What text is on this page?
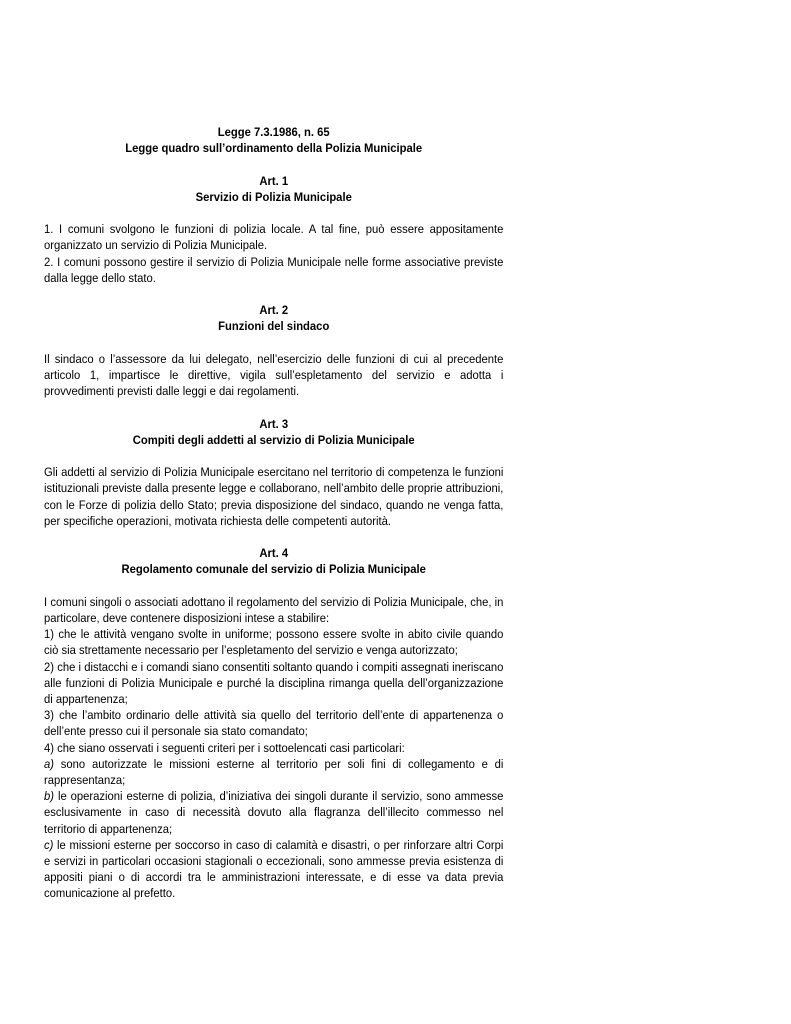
Legge 7.3.1986, n. 65
Legge quadro sull’ordinamento della Polizia Municipale
Art. 1
Servizio di Polizia Municipale
1. I comuni svolgono le funzioni di polizia locale. A tal fine, può essere appositamente organizzato un servizio di Polizia Municipale.
2. I comuni possono gestire il servizio di Polizia Municipale nelle forme associative previste dalla legge dello stato.
Art. 2
Funzioni del sindaco
Il sindaco o l’assessore da lui delegato, nell’esercizio delle funzioni di cui al precedente articolo 1, impartisce le direttive, vigila sull’espletamento del servizio e adotta i provvedimenti previsti dalle leggi e dai regolamenti.
Art. 3
Compiti degli addetti al servizio di Polizia Municipale
Gli addetti al servizio di Polizia Municipale esercitano nel territorio di competenza le funzioni istituzionali previste dalla presente legge e collaborano, nell’ambito delle proprie attribuzioni, con le Forze di polizia dello Stato; previa disposizione del sindaco, quando ne venga fatta, per specifiche operazioni, motivata richiesta delle competenti autorità.
Art. 4
Regolamento comunale del servizio di Polizia Municipale
I comuni singoli o associati adottano il regolamento del servizio di Polizia Municipale, che, in particolare, deve contenere disposizioni intese a stabilire:
1) che le attività vengano svolte in uniforme; possono essere svolte in abito civile quando ciò sia strettamente necessario per l’espletamento del servizio e venga autorizzato;
2) che i distacchi e i comandi siano consentiti soltanto quando i compiti assegnati ineriscano alle funzioni di Polizia Municipale e purché la disciplina rimanga quella dell’organizzazione di appartenenza;
3) che l’ambito ordinario delle attività sia quello del territorio dell’ente di appartenenza o dell’ente presso cui il personale sia stato comandato;
4) che siano osservati i seguenti criteri per i sottoelencati casi particolari:
a) sono autorizzate le missioni esterne al territorio per soli fini di collegamento e di rappresentanza;
b) le operazioni esterne di polizia, d’iniziativa dei singoli durante il servizio, sono ammesse esclusivamente in caso di necessità dovuto alla flagranza dell’illecito commesso nel territorio di appartenenza;
c) le missioni esterne per soccorso in caso di calamità e disastri, o per rinforzare altri Corpi e servizi in particolari occasioni stagionali o eccezionali, sono ammesse previa esistenza di appositi piani o di accordi tra le amministrazioni interessate, e di esse va data previa comunicazione al prefetto.
